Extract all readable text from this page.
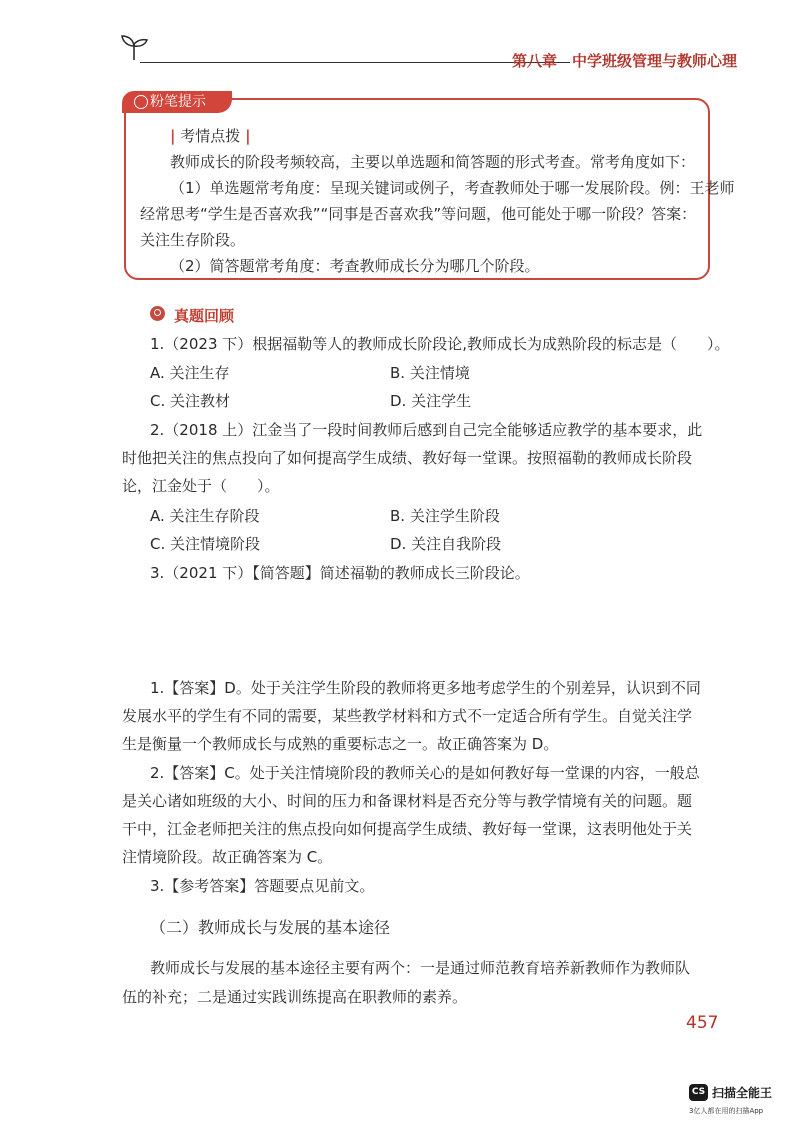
第八章　中学班级管理与教师心理
粉笔提示
| 考情点拨 |
教师成长的阶段考频较高，主要以单选题和简答题的形式考查。常考角度如下：
（1）单选题常考角度：呈现关键词或例子，考查教师处于哪一发展阶段。例：王老师
经常思考“学生是否喜欢我”“同事是否喜欢我”等问题，他可能处于哪一阶段？答案：
关注生存阶段。
（2）简答题常考角度：考查教师成长分为哪几个阶段。
真题回顾
1.（2023 下）根据福勒等人的教师成长阶段论,教师成长为成熟阶段的标志是（　　）。
A. 关注生存	B. 关注情境
C. 关注教材	D. 关注学生
2.（2018 上）江金当了一段时间教师后感到自己完全能够适应教学的基本要求，此
时他把关注的焦点投向了如何提高学生成绩、教好每一堂课。按照福勒的教师成长阶段
论，江金处于（　　）。
A. 关注生存阶段	B. 关注学生阶段
C. 关注情境阶段	D. 关注自我阶段
3.（2021 下）【简答题】简述福勒的教师成长三阶段论。
1.【答案】D。处于关注学生阶段的教师将更多地考虑学生的个别差异，认识到不同
发展水平的学生有不同的需要，某些教学材料和方式不一定适合所有学生。自觉关注学
生是衡量一个教师成长与成熟的重要标志之一。故正确答案为 D。
2.【答案】C。处于关注情境阶段的教师关心的是如何教好每一堂课的内容，一般总
是关心诸如班级的大小、时间的压力和备课材料是否充分等与教学情境有关的问题。题
干中，江金老师把关注的焦点投向如何提高学生成绩、教好每一堂课，这表明他处于关
注情境阶段。故正确答案为 C。
3.【参考答案】答题要点见前文。
（二）教师成长与发展的基本途径
教师成长与发展的基本途径主要有两个：一是通过师范教育培养新教师作为教师队
伍的补充；二是通过实践训练提高在职教师的素养。
457
CS 扫描全能王
3亿人都在用的扫描App
